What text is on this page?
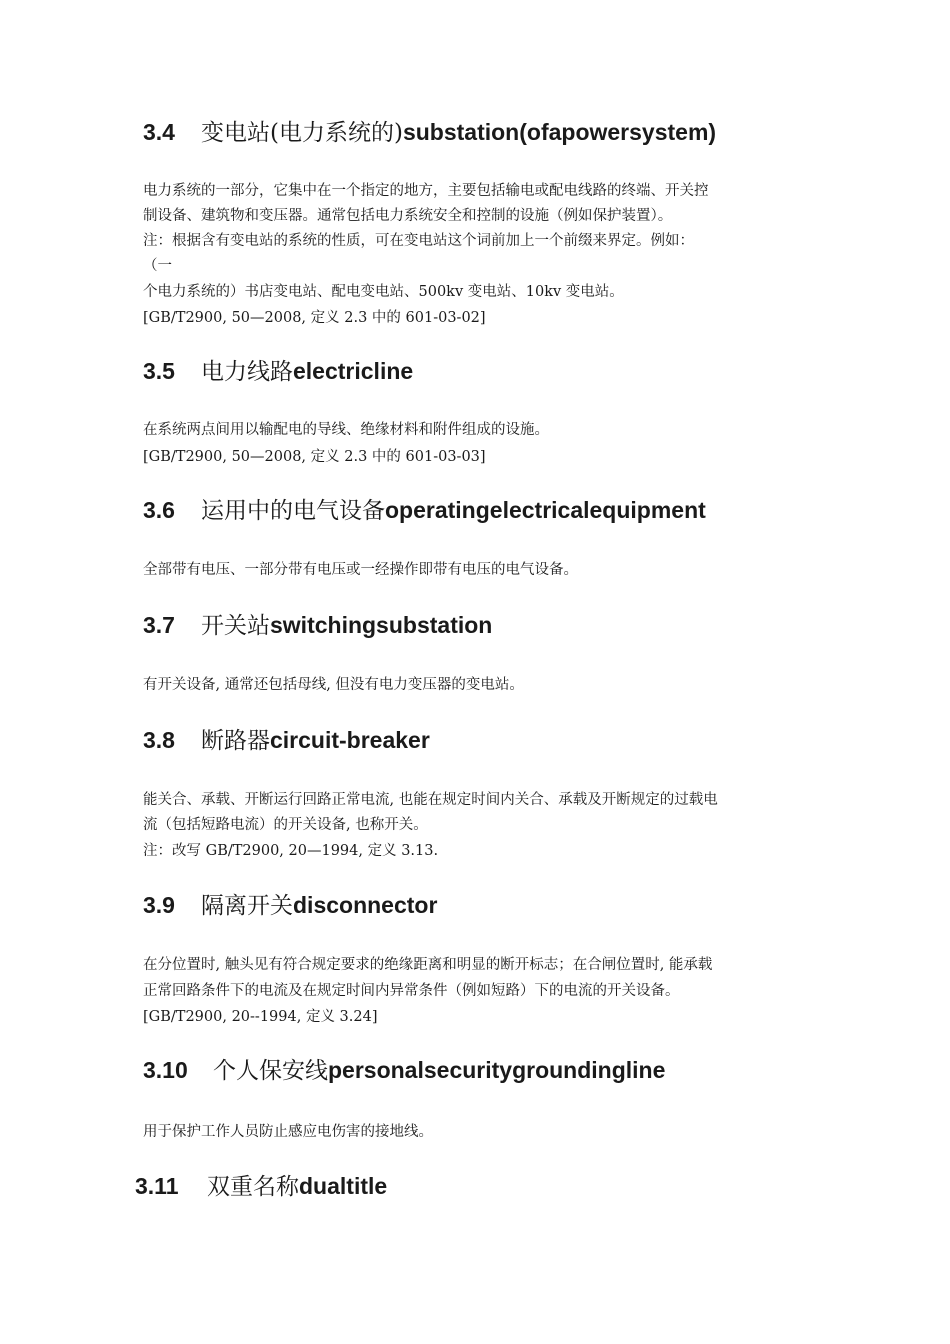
3.4 变电站(电力系统的)substation(ofapowersystem)

电力系统的一部分，它集中在一个指定的地方，主要包括输电或配电线路的终端、开关控

制设备、建筑物和变压器。通常包括电力系统安全和控制的设施（例如保护装置）。

注：根据含有变电站的系统的性质，可在变电站这个词前加上一个前缀来界定。例如：

（一

个电力系统的）书店变电站、配电变电站、500kv 变电站、10kv 变电站。

[GB/T2900, 50—2008, 定义 2.3 中的 601-03-02]

3.5 电力线路electricline

在系统两点间用以输配电的导线、绝缘材料和附件组成的设施。

[GB/T2900, 50—2008, 定义 2.3 中的 601-03-03]

3.6 运用中的电气设备operatingelectricalequipment

全部带有电压、一部分带有电压或一经操作即带有电压的电气设备。

3.7 开关站switchingsubstation

有开关设备, 通常还包括母线, 但没有电力变压器的变电站。

3.8 断路器circuit-breaker

能关合、承载、开断运行回路正常电流, 也能在规定时间内关合、承载及开断规定的过载电

流（包括短路电流）的开关设备, 也称开关。

注：改写 GB/T2900, 20—1994, 定义 3.13.

3.9 隔离开关disconnector

在分位置时, 触头见有符合规定要求的绝缘距离和明显的断开标志；在合闸位置时, 能承载

正常回路条件下的电流及在规定时间内异常条件（例如短路）下的电流的开关设备。

[GB/T2900, 20--1994, 定义 3.24]

3.10 个人保安线personalsecuritygroundingline

用于保护工作人员防止感应电伤害的接地线。

3.11 双重名称dualtitle
